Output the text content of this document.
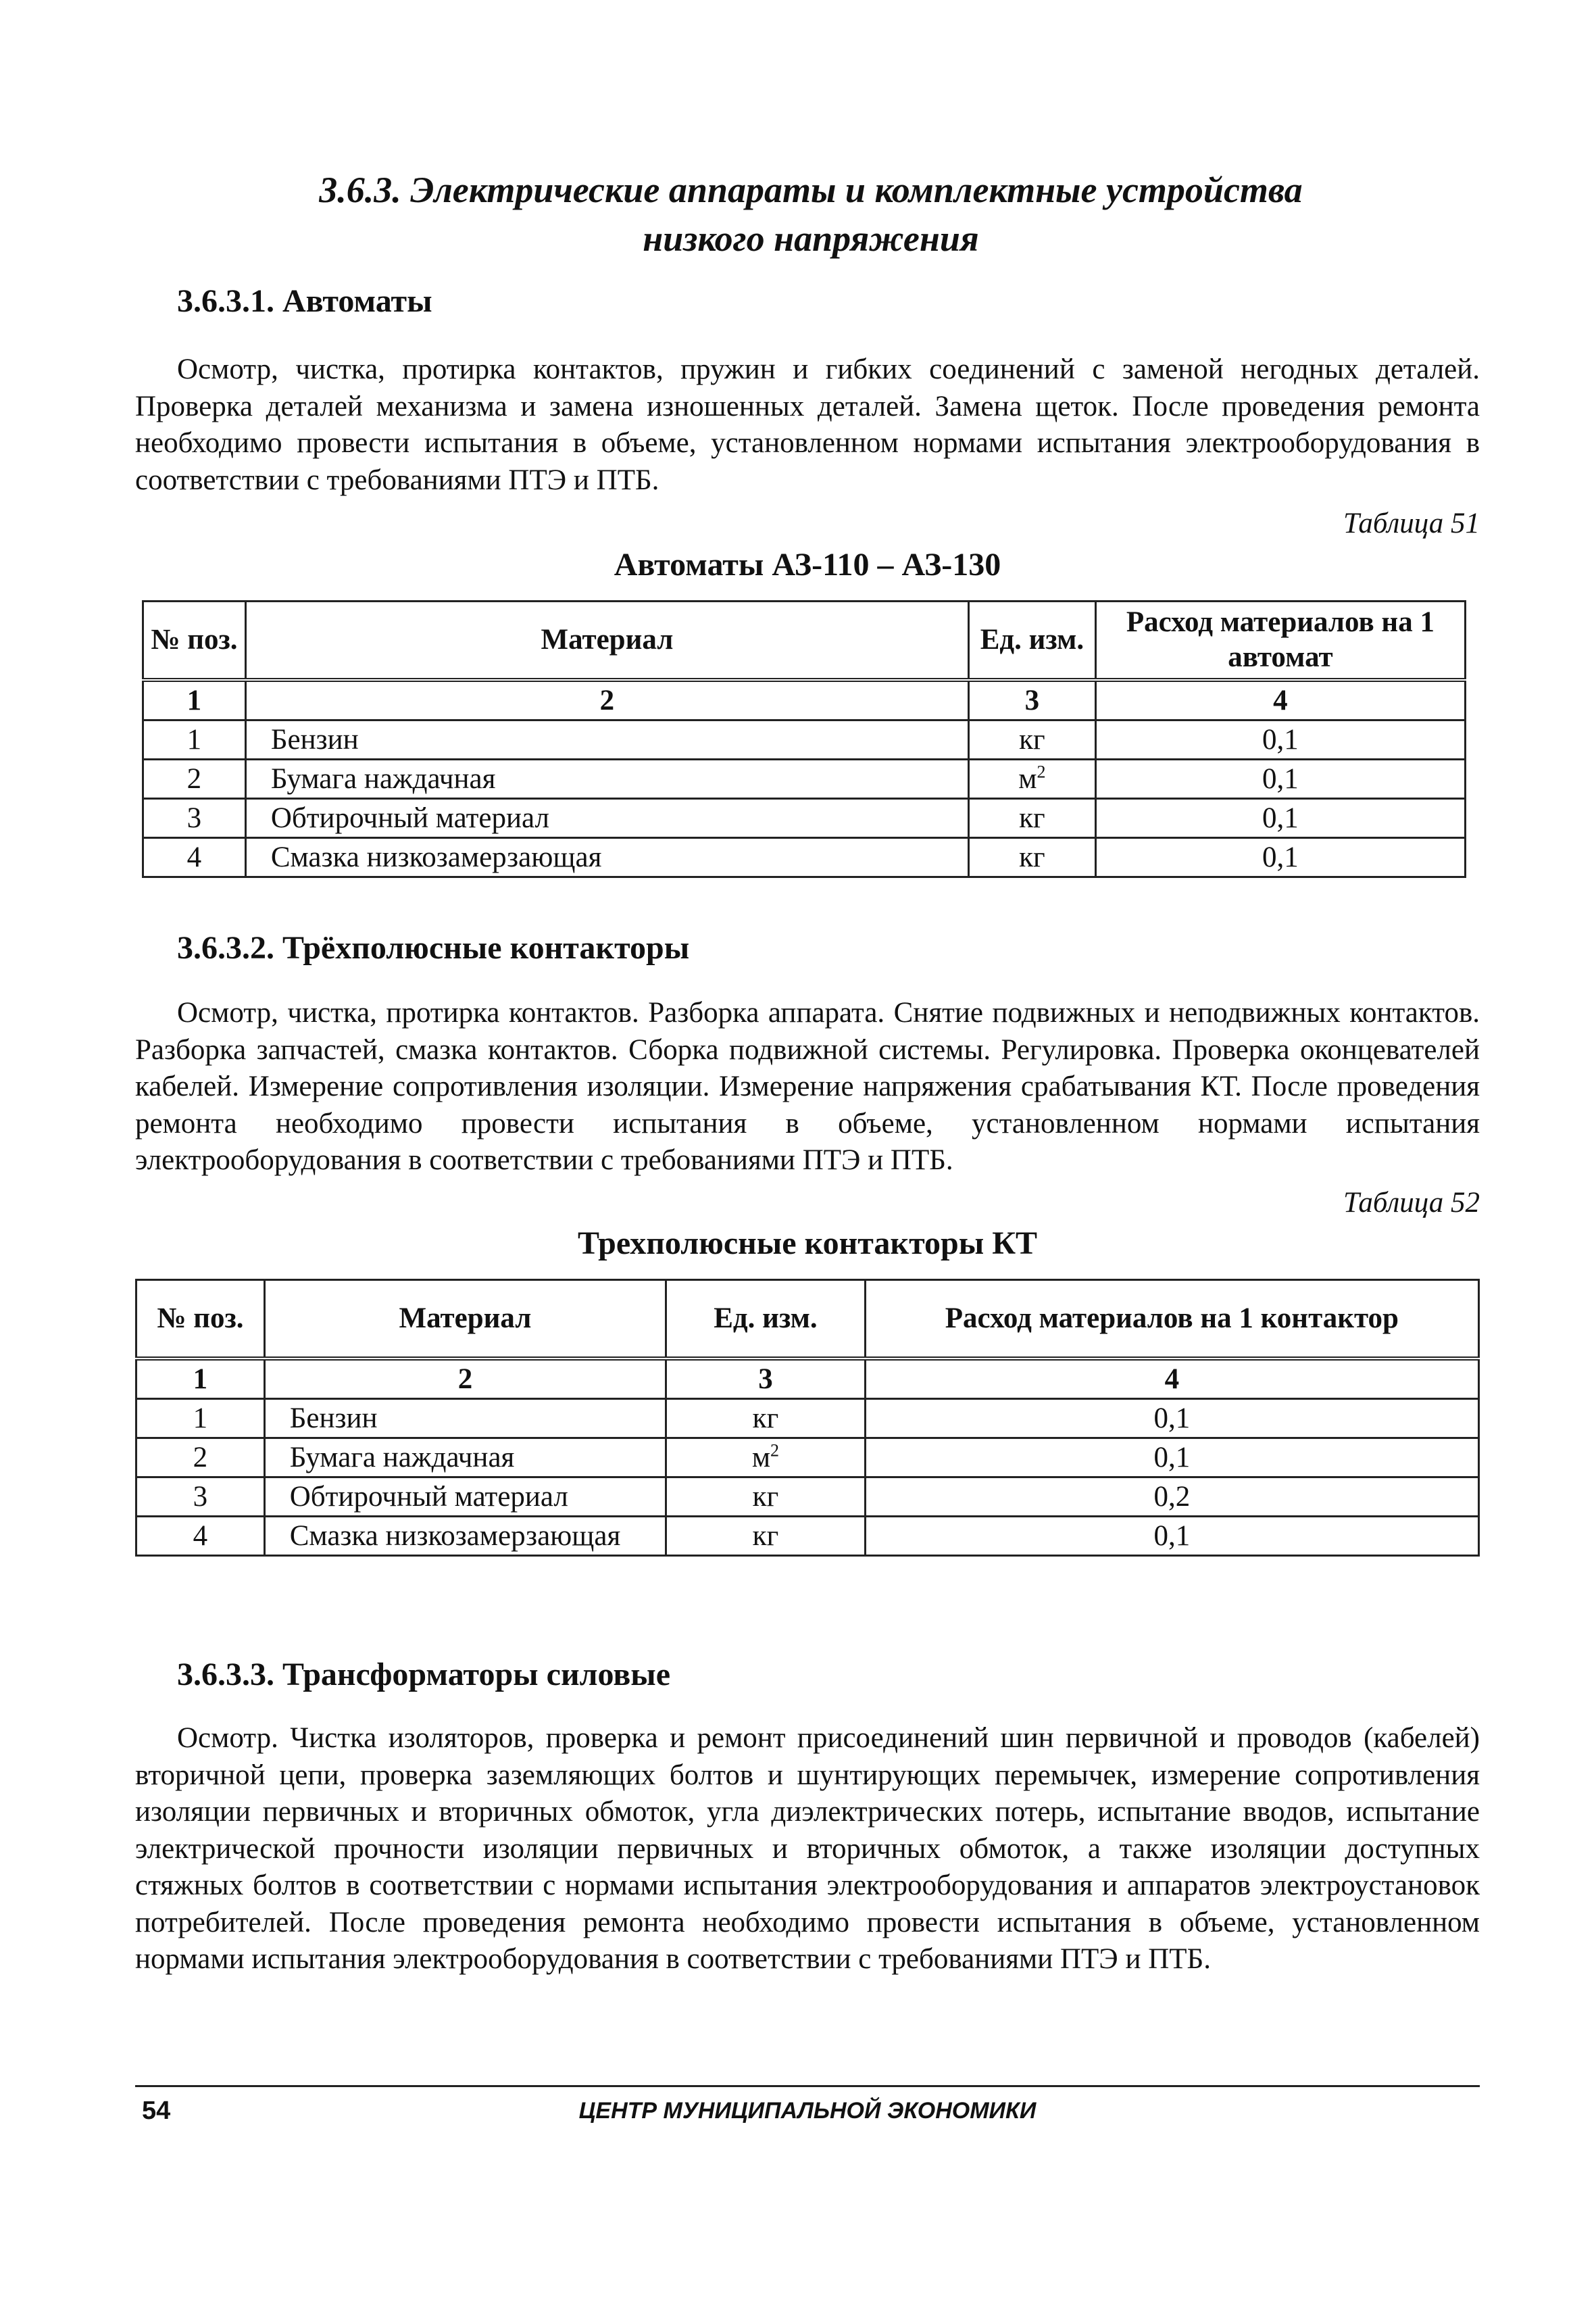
3.6.3. Электрические аппараты и комплектные устройства
низкого напряжения
3.6.3.1. Автоматы

Осмотр, чистка, протирка контактов, пружин и гибких соединений с заменой негодных деталей. Проверка деталей механизма и замена изношенных деталей. Замена щеток. После проведения ремонта необходимо провести испытания в объеме, установленном нормами испытания электрооборудования в соответствии с требованиями ПТЭ и ПТБ.

Таблица 51
Автоматы АЗ-110 – АЗ-130
№ поз.	Материал	Ед. изм.	Расход материалов на 1 автомат
1	2	3	4
1	Бензин	кг	0,1
2	Бумага наждачная	$м^2$	0,1
3	Обтирочный материал	кг	0,1
4	Смазка низкозамерзающая	кг	0,1
3.6.3.2. Трёхполюсные контакторы

Осмотр, чистка, протирка контактов. Разборка аппарата. Снятие подвижных и неподвижных контактов. Разборка запчастей, смазка контактов. Сборка подвижной системы. Регулировка. Проверка оконцевателей кабелей. Измерение сопротивления изоляции. Измерение напряжения срабатывания КТ. После проведения ремонта необходимо провести испытания в объеме, установленном нормами испытания электрооборудования в соответствии с требованиями ПТЭ и ПТБ.

Таблица 52
Трехполюсные контакторы КТ
№ поз.	Материал	Ед. изм.	Расход материалов на 1 контактор
1	2	3	4
1	Бензин	кг	0,1
2	Бумага наждачная	$м^2$	0,1
3	Обтирочный материал	кг	0,2
4	Смазка низкозамерзающая	кг	0,1
3.6.3.3. Трансформаторы силовые

Осмотр. Чистка изоляторов, проверка и ремонт присоединений шин первичной и проводов (кабелей) вторичной цепи, проверка заземляющих болтов и шунтирующих перемычек, измерение сопротивления изоляции первичных и вторичных обмоток, угла диэлектрических потерь, испытание вводов, испытание электрической прочности изоляции первичных и вторичных обмоток, а также изоляции доступных стяжных болтов в соответствии с нормами испытания электрооборудования и аппаратов электроустановок потребителей. После проведения ремонта необходимо провести испытания в объеме, установленном нормами испытания электрооборудования в соответствии с требованиями ПТЭ и ПТБ.

54	ЦЕНТР МУНИЦИПАЛЬНОЙ ЭКОНОМИКИ
